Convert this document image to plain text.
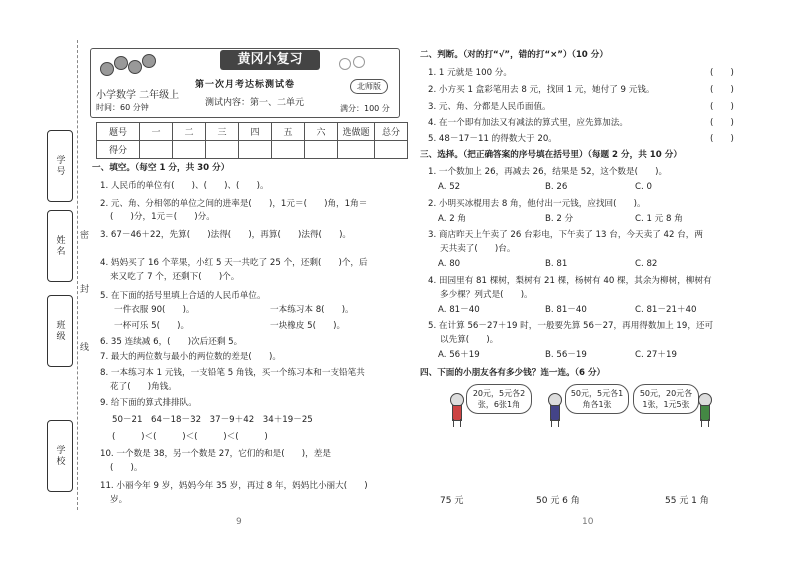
学号
姓名
班级
学校
密
封
线
黄冈小复习
小学数学 二年级上
时间：60 分钟
第一次月考达标测试卷
测试内容：第一、二单元
北师版
满分：100 分
题号	一	二	三	四	五	六	选做题	总分
得分								
一、填空。（每空 1 分，共 30 分）
1. 人民币的单位有(　　)、(　　)、(　　)。
2. 元、角、分相邻的单位之间的进率是(　　)，1元＝(　　)角，1角＝
(　　)分，1元＝(　　)分。
3. 67－46＋22，先算(　　)法得(　　)，再算(　　)法得(　　)。
4. 妈妈买了 16 个苹果，小红 5 天一共吃了 25 个，还剩(　　)个，后
来又吃了 7 个，还剩下(　　)个。
5. 在下面的括号里填上合适的人民币单位。
一件衣服 90(　　)。	一本练习本 8(　　)。
一杯可乐 5(　　)。	一块橡皮 5(　　)。
6. 35 连续减 6，(　　)次后还剩 5。
7. 最大的两位数与最小的两位数的差是(　　)。
8. 一本练习本 1 元钱，一支铅笔 5 角钱，买一个练习本和一支铅笔共
花了(　　)角钱。
9. 给下面的算式排排队。
50－21　64－18－32　37－9＋42　34＋19－25
(　　　)＜(　　　)＜(　　　)＜(　　　)
10. 一个数是 38，另一个数是 27，它们的和是(　　)，差是
(　　)。
11. 小丽今年 9 岁，妈妈今年 35 岁，再过 8 年，妈妈比小丽大(　　)
岁。
9
二、判断。（对的打“√”，错的打“×”）（10 分）
1. 1 元就是 100 分。	(　　)
2. 小方买 1 盒彩笔用去 8 元，找回 1 元，她付了 9 元钱。	(　　)
3. 元、角、分都是人民币面值。	(　　)
4. 在一个即有加法又有减法的算式里，应先算加法。	(　　)
5. 48－17－11 的得数大于 20。	(　　)
三、选择。（把正确答案的序号填在括号里）（每题 2 分，共 10 分）
1. 一个数加上 26，再减去 26，结果是 52，这个数是(　　)。
A. 52	B. 26	C. 0
2. 小明买冰棍用去 8 角，他付出一元钱，应找回(　　)。
A. 2 角	B. 2 分	C. 1 元 8 角
3. 商店昨天上午卖了 26 台彩电，下午卖了 13 台，今天卖了 42 台，两
天共卖了(　　)台。
A. 80	B. 81	C. 82
4. 田园里有 81 棵树，梨树有 21 棵，杨树有 40 棵，其余为柳树，柳树有
多少棵？列式是(　　)。
A. 81－40	B. 81－40	C. 81－21＋40
5. 在计算 56－27＋19 时，一般要先算 56－27，再用得数加上 19，还可
以先算(　　)。
A. 56＋19	B. 56－19	C. 27＋19
四、下面的小朋友各有多少钱？连一连。（6 分）
20元，5元各2张，6张1角
50元，5元各1角各1张
50元，20元各1张，1元5张
75 元	50 元 6 角	55 元 1 角
10
